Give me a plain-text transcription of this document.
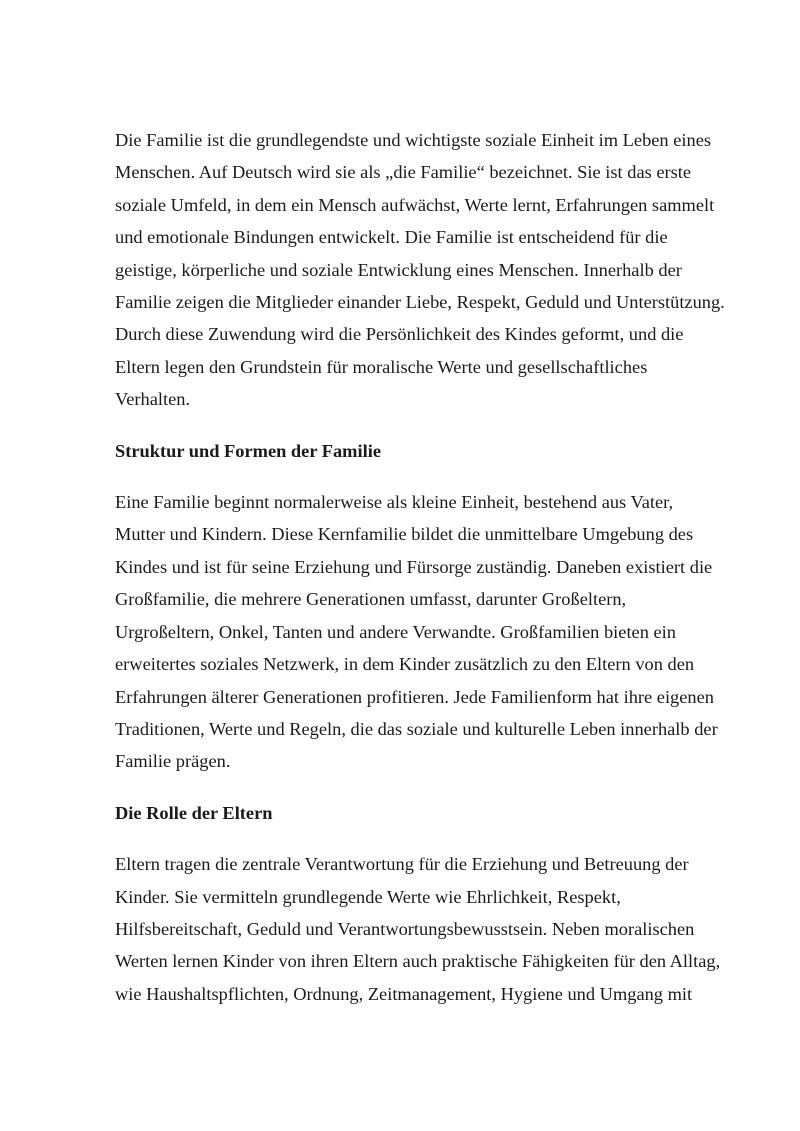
Die Familie ist die grundlegendste und wichtigste soziale Einheit im Leben eines
Menschen. Auf Deutsch wird sie als „die Familie“ bezeichnet. Sie ist das erste
soziale Umfeld, in dem ein Mensch aufwächst, Werte lernt, Erfahrungen sammelt
und emotionale Bindungen entwickelt. Die Familie ist entscheidend für die
geistige, körperliche und soziale Entwicklung eines Menschen. Innerhalb der
Familie zeigen die Mitglieder einander Liebe, Respekt, Geduld und Unterstützung.
Durch diese Zuwendung wird die Persönlichkeit des Kindes geformt, und die
Eltern legen den Grundstein für moralische Werte und gesellschaftliches
Verhalten.

Struktur und Formen der Familie

Eine Familie beginnt normalerweise als kleine Einheit, bestehend aus Vater,
Mutter und Kindern. Diese Kernfamilie bildet die unmittelbare Umgebung des
Kindes und ist für seine Erziehung und Fürsorge zuständig. Daneben existiert die
Großfamilie, die mehrere Generationen umfasst, darunter Großeltern,
Urgroßeltern, Onkel, Tanten und andere Verwandte. Großfamilien bieten ein
erweitertes soziales Netzwerk, in dem Kinder zusätzlich zu den Eltern von den
Erfahrungen älterer Generationen profitieren. Jede Familienform hat ihre eigenen
Traditionen, Werte und Regeln, die das soziale und kulturelle Leben innerhalb der
Familie prägen.

Die Rolle der Eltern

Eltern tragen die zentrale Verantwortung für die Erziehung und Betreuung der
Kinder. Sie vermitteln grundlegende Werte wie Ehrlichkeit, Respekt,
Hilfsbereitschaft, Geduld und Verantwortungsbewusstsein. Neben moralischen
Werten lernen Kinder von ihren Eltern auch praktische Fähigkeiten für den Alltag,
wie Haushaltspflichten, Ordnung, Zeitmanagement, Hygiene und Umgang mit
